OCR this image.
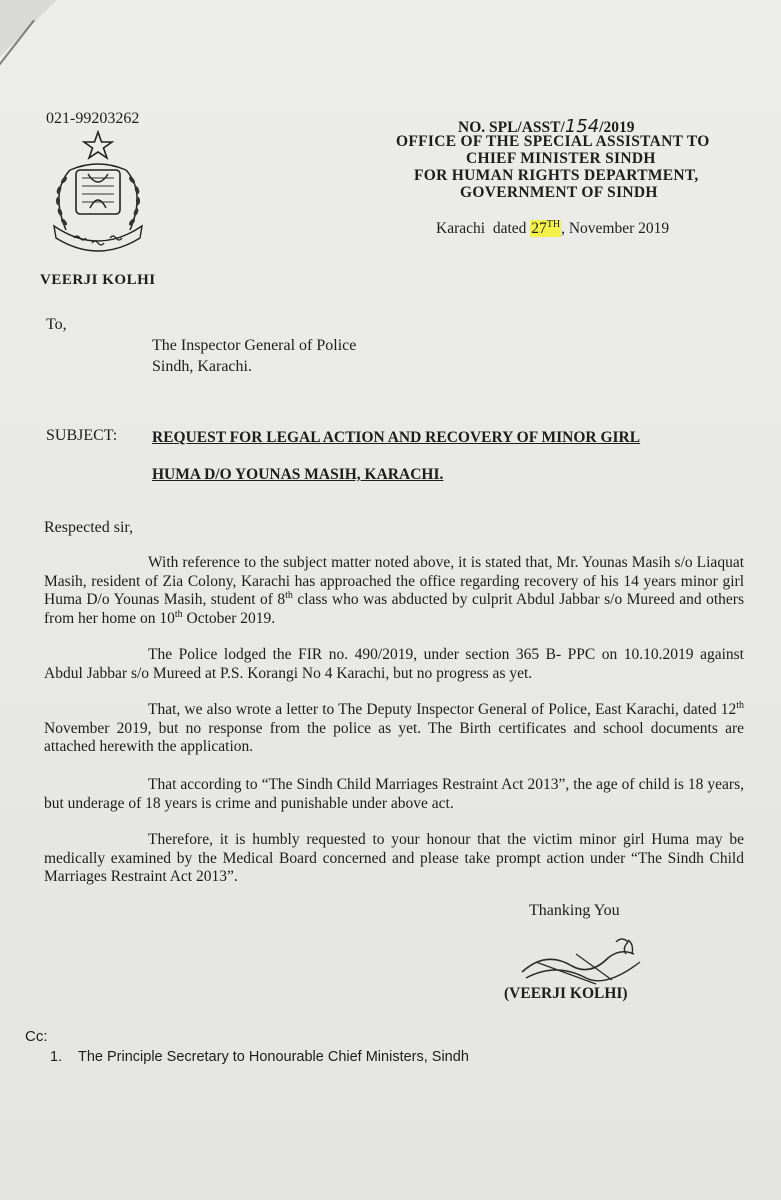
021-99203262
VEERJI KOLHI
NO. SPL/ASST/154/2019
OFFICE OF THE SPECIAL ASSISTANT TO
CHIEF MINISTER SINDH
FOR HUMAN RIGHTS DEPARTMENT,
GOVERNMENT OF SINDH
Karachi dated 27TH, November 2019
To,
The Inspector General of Police
Sindh, Karachi.
SUBJECT: REQUEST FOR LEGAL ACTION AND RECOVERY OF MINOR GIRL
HUMA D/O YOUNAS MASIH, KARACHI.
Respected sir,
With reference to the subject matter noted above, it is stated that, Mr. Younas Masih s/o Liaquat Masih, resident of Zia Colony, Karachi has approached the office regarding recovery of his 14 years minor girl Huma D/o Younas Masih, student of 8th class who was abducted by culprit Abdul Jabbar s/o Mureed and others from her home on 10th October 2019.
The Police lodged the FIR no. 490/2019, under section 365 B- PPC on 10.10.2019 against Abdul Jabbar s/o Mureed at P.S. Korangi No 4 Karachi, but no progress as yet.
That, we also wrote a letter to The Deputy Inspector General of Police, East Karachi, dated 12th November 2019, but no response from the police as yet. The Birth certificates and school documents are attached herewith the application.
That according to “The Sindh Child Marriages Restraint Act 2013”, the age of child is 18 years, but underage of 18 years is crime and punishable under above act.
Therefore, it is humbly requested to your honour that the victim minor girl Huma may be medically examined by the Medical Board concerned and please take prompt action under “The Sindh Child Marriages Restraint Act 2013”.
Thanking You
(VEERJI KOLHI)
Cc:
1. The Principle Secretary to Honourable Chief Ministers, Sindh
